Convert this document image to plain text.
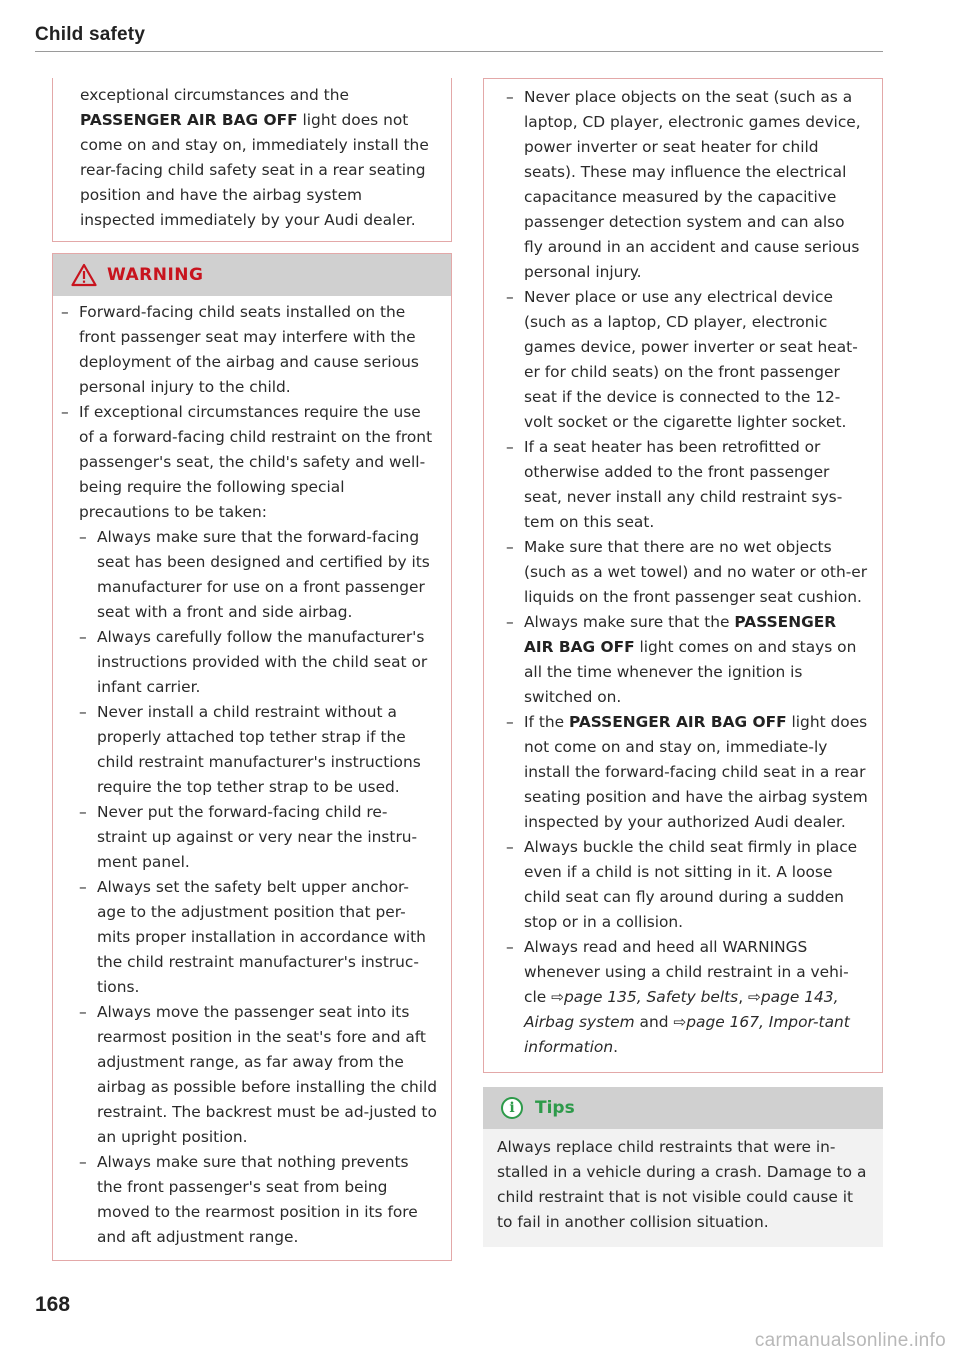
Child safety
exceptional circumstances and the PASSENGER AIR BAG OFF light does not come on and stay on, immediately install the rear-facing child safety seat in a rear seating position and have the airbag system inspected immediately by your Audi dealer.
WARNING
– Forward-facing child seats installed on the front passenger seat may interfere with the deployment of the airbag and cause serious personal injury to the child.
– If exceptional circumstances require the use of a forward-facing child restraint on the front passenger's seat, the child's safety and well-being require the following special precautions to be taken:
– Always make sure that the forward-facing seat has been designed and certified by its manufacturer for use on a front passenger seat with a front and side airbag.
– Always carefully follow the manufacturer's instructions provided with the child seat or infant carrier.
– Never install a child restraint without a properly attached top tether strap if the child restraint manufacturer's instructions require the top tether strap to be used.
– Never put the forward-facing child re-straint up against or very near the instru-ment panel.
– Always set the safety belt upper anchor-age to the adjustment position that per-mits proper installation in accordance with the child restraint manufacturer's instruc-tions.
– Always move the passenger seat into its rearmost position in the seat's fore and aft adjustment range, as far away from the airbag as possible before installing the child restraint. The backrest must be ad-justed to an upright position.
– Always make sure that nothing prevents the front passenger's seat from being moved to the rearmost position in its fore and aft adjustment range.
– Never place objects on the seat (such as a laptop, CD player, electronic games device, power inverter or seat heater for child seats). These may influence the electrical capacitance measured by the capacitive passenger detection system and can also fly around in an accident and cause serious personal injury.
– Never place or use any electrical device (such as a laptop, CD player, electronic games device, power inverter or seat heat-er for child seats) on the front passenger seat if the device is connected to the 12-volt socket or the cigarette lighter socket.
– If a seat heater has been retrofitted or otherwise added to the front passenger seat, never install any child restraint sys-tem on this seat.
– Make sure that there are no wet objects (such as a wet towel) and no water or oth-er liquids on the front passenger seat cushion.
– Always make sure that the PASSENGER AIR BAG OFF light comes on and stays on all the time whenever the ignition is switched on.
– If the PASSENGER AIR BAG OFF light does not come on and stay on, immediate-ly install the forward-facing child seat in a rear seating position and have the airbag system inspected by your authorized Audi dealer.
– Always buckle the child seat firmly in place even if a child is not sitting in it. A loose child seat can fly around during a sudden stop or in a collision.
– Always read and heed all WARNINGS whenever using a child restraint in a vehi-cle ⇨page 135, Safety belts, ⇨page 143, Airbag system and ⇨page 167, Impor-tant information.
i	Tips
Always replace child restraints that were in-stalled in a vehicle during a crash. Damage to a child restraint that is not visible could cause it to fail in another collision situation.
168
carmanualsonline.info
